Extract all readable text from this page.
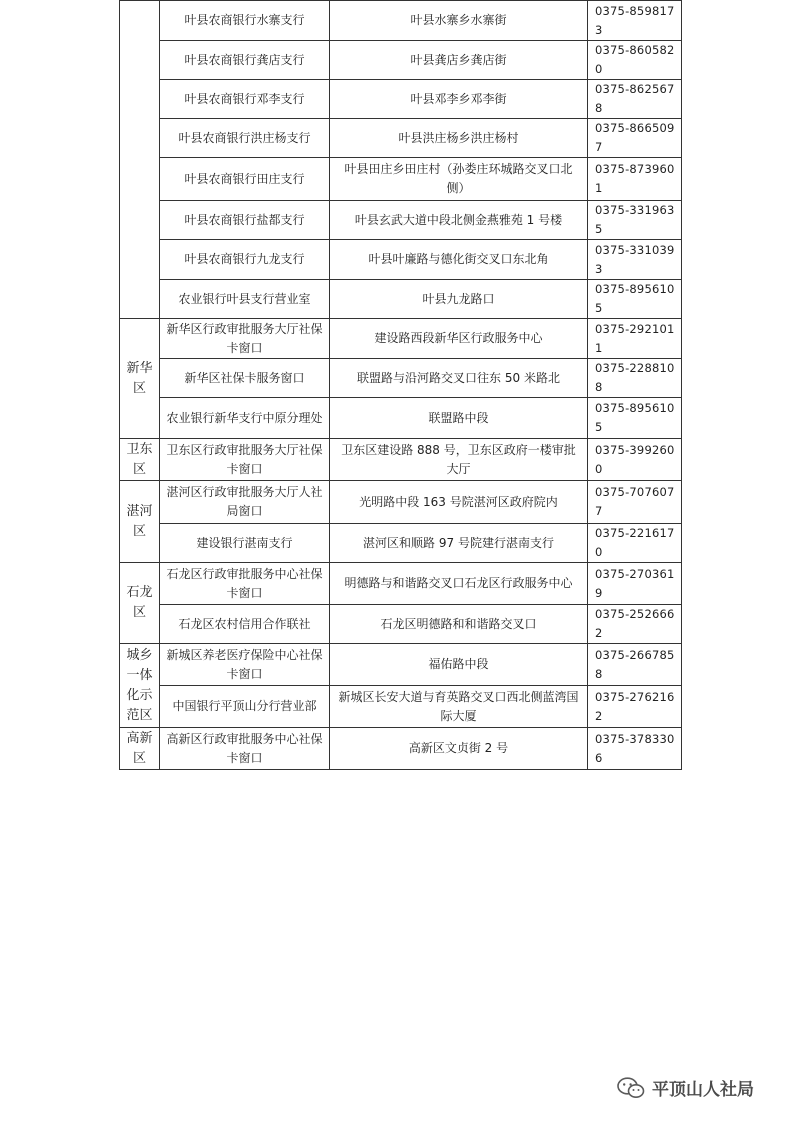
	叶县农商银行水寨支行	叶县水寨乡水寨街	0375-8598173
	叶县农商银行龚店支行	叶县龚店乡龚店街	0375-8605820
	叶县农商银行邓李支行	叶县邓李乡邓李街	0375-8625678
	叶县农商银行洪庄杨支行	叶县洪庄杨乡洪庄杨村	0375-8665097
	叶县农商银行田庄支行	叶县田庄乡田庄村（孙娄庄环城路交叉口北侧）	0375-8739601
	叶县农商银行盐都支行	叶县玄武大道中段北侧金燕雅苑 1 号楼	0375-3319635
	叶县农商银行九龙支行	叶县叶廉路与德化街交叉口东北角	0375-3310393
	农业银行叶县支行营业室	叶县九龙路口	0375-8956105
新华区	新华区行政审批服务大厅社保卡窗口	建设路西段新华区行政服务中心	0375-2921011
	新华区社保卡服务窗口	联盟路与沿河路交叉口往东 50 米路北	0375-2288108
	农业银行新华支行中原分理处	联盟路中段	0375-8956105
卫东区	卫东区行政审批服务大厅社保卡窗口	卫东区建设路 888 号，卫东区政府一楼审批大厅	0375-3992600
湛河区	湛河区行政审批服务大厅人社局窗口	光明路中段 163 号院湛河区政府院内	0375-7076077
	建设银行湛南支行	湛河区和顺路 97 号院建行湛南支行	0375-2216170
石龙区	石龙区行政审批服务中心社保卡窗口	明德路与和谐路交叉口石龙区行政服务中心	0375-2703619
	石龙区农村信用合作联社	石龙区明德路和和谐路交叉口	0375-2526662
城乡一体化示范区	新城区养老医疗保险中心社保卡窗口	福佑路中段	0375-2667858
	中国银行平顶山分行营业部	新城区长安大道与育英路交叉口西北侧蓝湾国际大厦	0375-2762162
高新区	高新区行政审批服务中心社保卡窗口	高新区文贞街 2 号	0375-3783306
平顶山人社局
